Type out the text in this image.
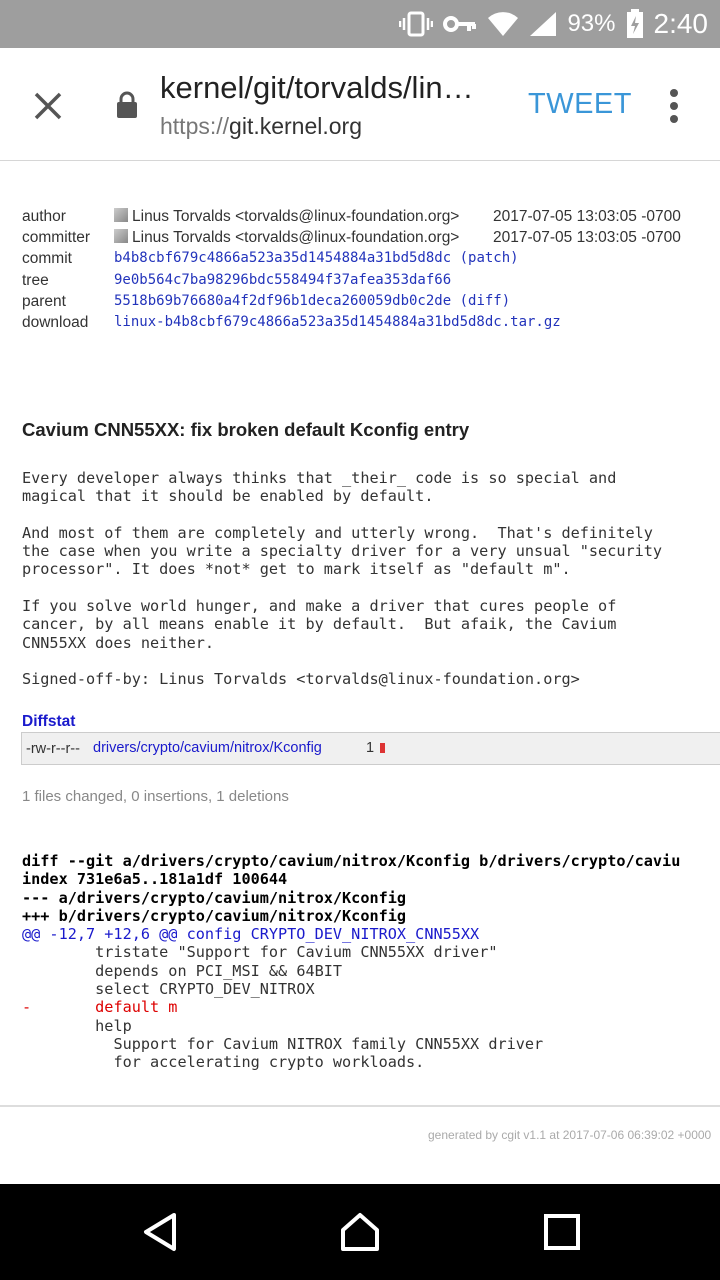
93% 2:40
kernel/git/torvalds/lin…
https://git.kernel.org
TWEET
author	Linus Torvalds <torvalds@linux-foundation.org> 2017-07-05 13:03:05 -0700
committer	Linus Torvalds <torvalds@linux-foundation.org> 2017-07-05 13:03:05 -0700
commit	b4b8cbf679c4866a523a35d1454884a31bd5d8dc (patch)
tree	9e0b564c7ba98296bdc558494f37afea353daf66
parent	5518b69b76680a4f2df96b1deca260059db0c2de (diff)
download	linux-b4b8cbf679c4866a523a35d1454884a31bd5d8dc.tar.gz
Cavium CNN55XX: fix broken default Kconfig entry
Every developer always thinks that _their_ code is so special and
magical that it should be enabled by default.

And most of them are completely and utterly wrong.  That's definitely
the case when you write a specialty driver for a very unsual "security
processor". It does *not* get to mark itself as "default m".

If you solve world hunger, and make a driver that cures people of
cancer, by all means enable it by default.  But afaik, the Cavium
CNN55XX does neither.

Signed-off-by: Linus Torvalds <torvalds@linux-foundation.org>
Diffstat
-rw-r--r-- drivers/crypto/cavium/nitrox/Kconfig	1
1 files changed, 0 insertions, 1 deletions
diff --git a/drivers/crypto/cavium/nitrox/Kconfig b/drivers/crypto/caviu
index 731e6a5..181a1df 100644
--- a/drivers/crypto/cavium/nitrox/Kconfig
+++ b/drivers/crypto/cavium/nitrox/Kconfig
@@ -12,7 +12,6 @@ config CRYPTO_DEV_NITROX_CNN55XX
	tristate "Support for Cavium CNN55XX driver"
	depends on PCI_MSI && 64BIT
	select CRYPTO_DEV_NITROX
-	default m
	help
	Support for Cavium NITROX family CNN55XX driver
	for accelerating crypto workloads.
generated by cgit v1.1 at 2017-07-06 06:39:02 +0000
